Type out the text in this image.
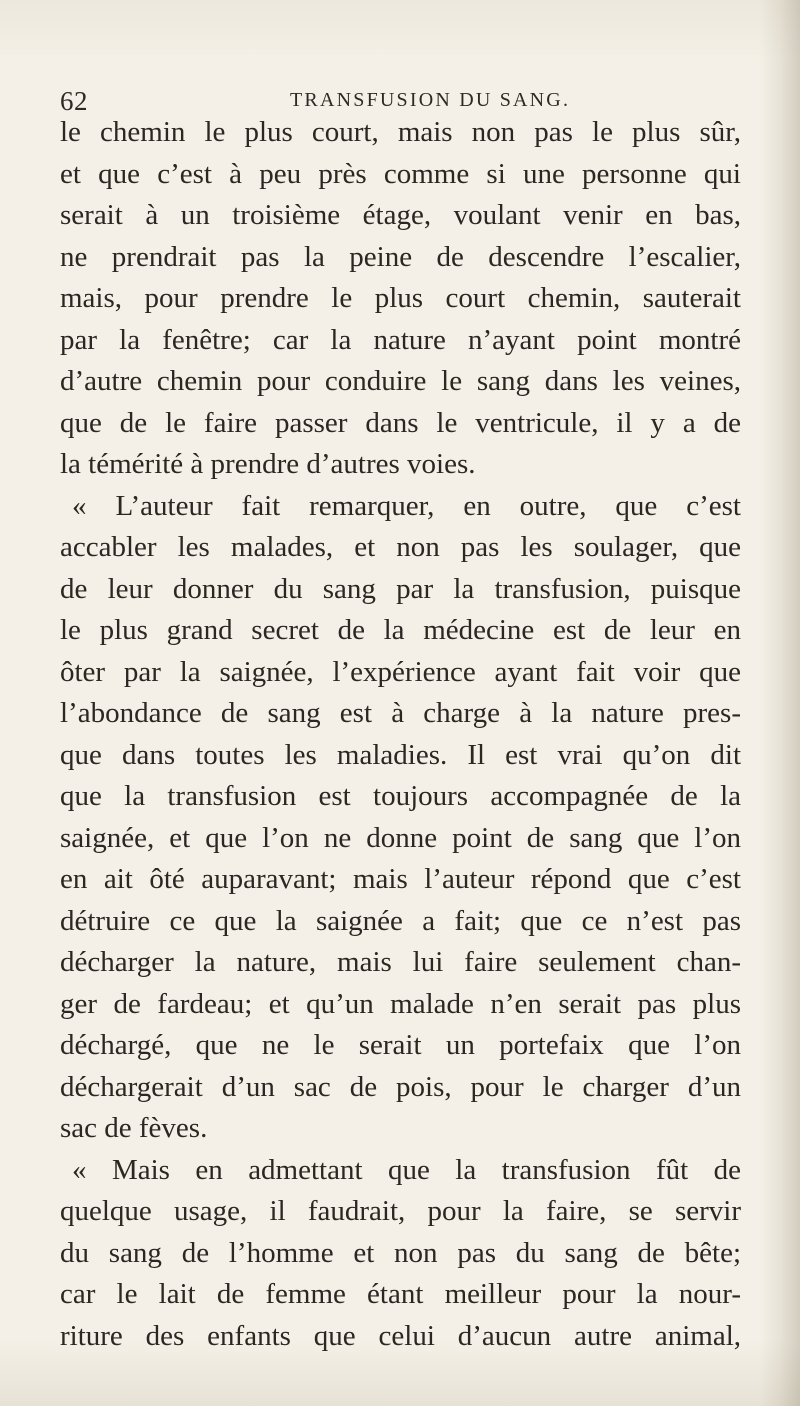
62	TRANSFUSION DU SANG.
le chemin le plus court, mais non pas le plus sûr,
et que c’est à peu près comme si une personne qui
serait à un troisième étage, voulant venir en bas,
ne prendrait pas la peine de descendre l’escalier,
mais, pour prendre le plus court chemin, sauterait
par la fenêtre; car la nature n’ayant point montré
d’autre chemin pour conduire le sang dans les veines,
que de le faire passer dans le ventricule, il y a de
la témérité à prendre d’autres voies.
« L’auteur fait remarquer, en outre, que c’est
accabler les malades, et non pas les soulager, que
de leur donner du sang par la transfusion, puisque
le plus grand secret de la médecine est de leur en
ôter par la saignée, l’expérience ayant fait voir que
l’abondance de sang est à charge à la nature pres-
que dans toutes les maladies. Il est vrai qu’on dit
que la transfusion est toujours accompagnée de la
saignée, et que l’on ne donne point de sang que l’on
en ait ôté auparavant; mais l’auteur répond que c’est
détruire ce que la saignée a fait; que ce n’est pas
décharger la nature, mais lui faire seulement chan-
ger de fardeau; et qu’un malade n’en serait pas plus
déchargé, que ne le serait un portefaix que l’on
déchargerait d’un sac de pois, pour le charger d’un
sac de fèves.
« Mais en admettant que la transfusion fût de
quelque usage, il faudrait, pour la faire, se servir
du sang de l’homme et non pas du sang de bête;
car le lait de femme étant meilleur pour la nour-
riture des enfants que celui d’aucun autre animal,
